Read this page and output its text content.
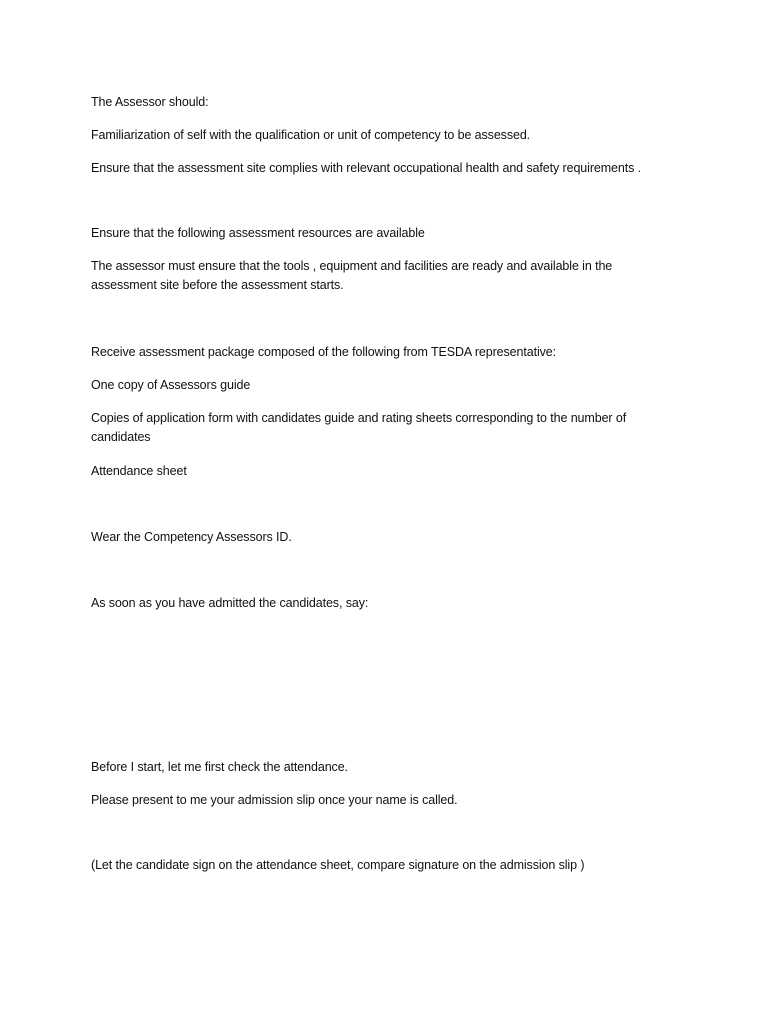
The Assessor should:

Familiarization of self with the qualification or unit of competency to be assessed.

Ensure that the assessment site complies with relevant occupational health and safety requirements .

Ensure that the following assessment resources are available

The assessor must ensure that the tools , equipment and facilities are ready and available in the assessment site before the assessment starts.

Receive assessment package composed of the following from TESDA representative:

One copy of Assessors guide

Copies of application form with candidates guide and rating sheets corresponding to the number of candidates

Attendance sheet

Wear the Competency Assessors ID.

As soon as you have admitted the candidates, say:

Before I start, let me first check the attendance.

Please present to me your admission slip once your name is called.

(Let the candidate sign on the attendance sheet, compare signature on the admission slip )
